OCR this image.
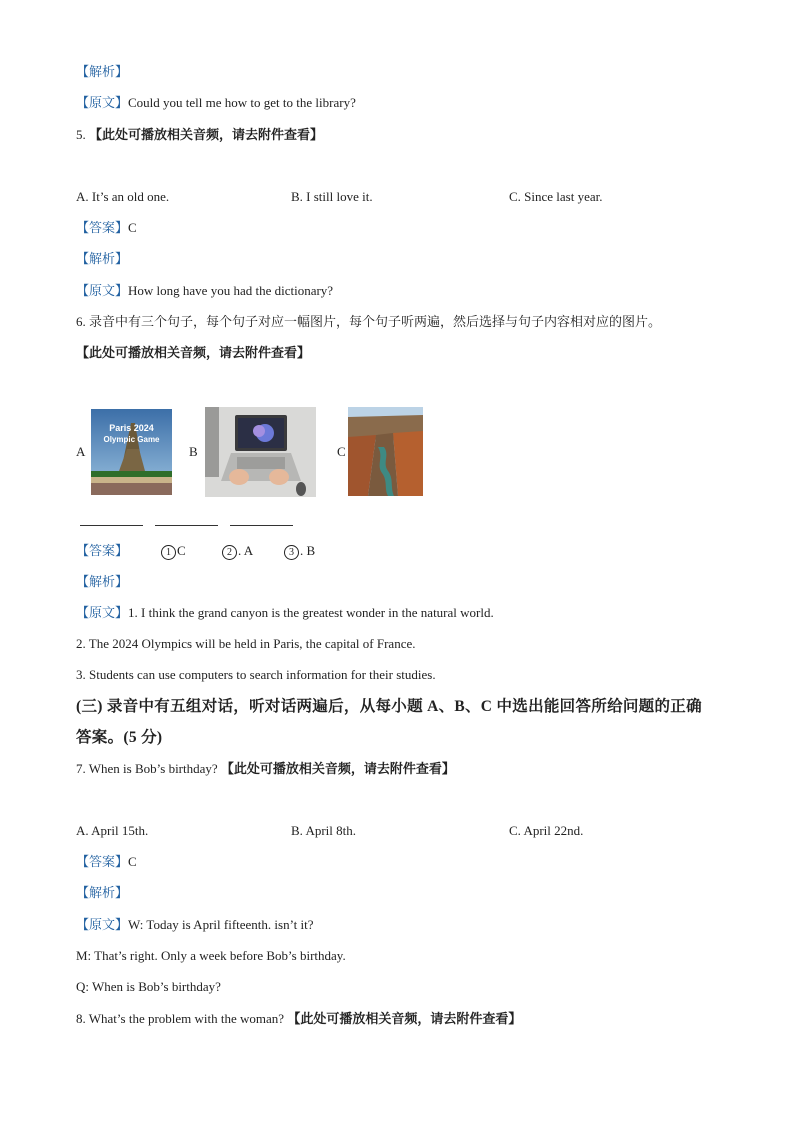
【解析】
【原文】Could you tell me how to get to the library?
5. 【此处可播放相关音频，请去附件查看】
A. It’s an old one.	B. I still love it.	C. Since last year.
【答案】C
【解析】
【原文】How long have you had the dictionary?
6. 录音中有三个句子，每个句子对应一幅图片，每个句子听两遍，然后选择与句子内容相对应的图片。
【此处可播放相关音频，请去附件查看】
A
Paris 2024
Olympic Game
B	C
【答案】	1 C	2 . A	3 . B
【解析】
【原文】1. I think the grand canyon is the greatest wonder in the natural world.
2. The 2024 Olympics will be held in Paris, the capital of France.
3. Students can use computers to search information for their studies.
(三) 录音中有五组对话，听对话两遍后，从每小题 A、B、C 中选出能回答所给问题的正确
答案。(5 分)
7. When is Bob’s birthday? 【此处可播放相关音频，请去附件查看】
A. April 15th.	B. April 8th.	C. April 22nd.
【答案】C
【解析】
【原文】W: Today is April fifteenth. isn’t it?
M: That’s right. Only a week before Bob’s birthday.
Q: When is Bob’s birthday?
8. What’s the problem with the woman? 【此处可播放相关音频，请去附件查看】
